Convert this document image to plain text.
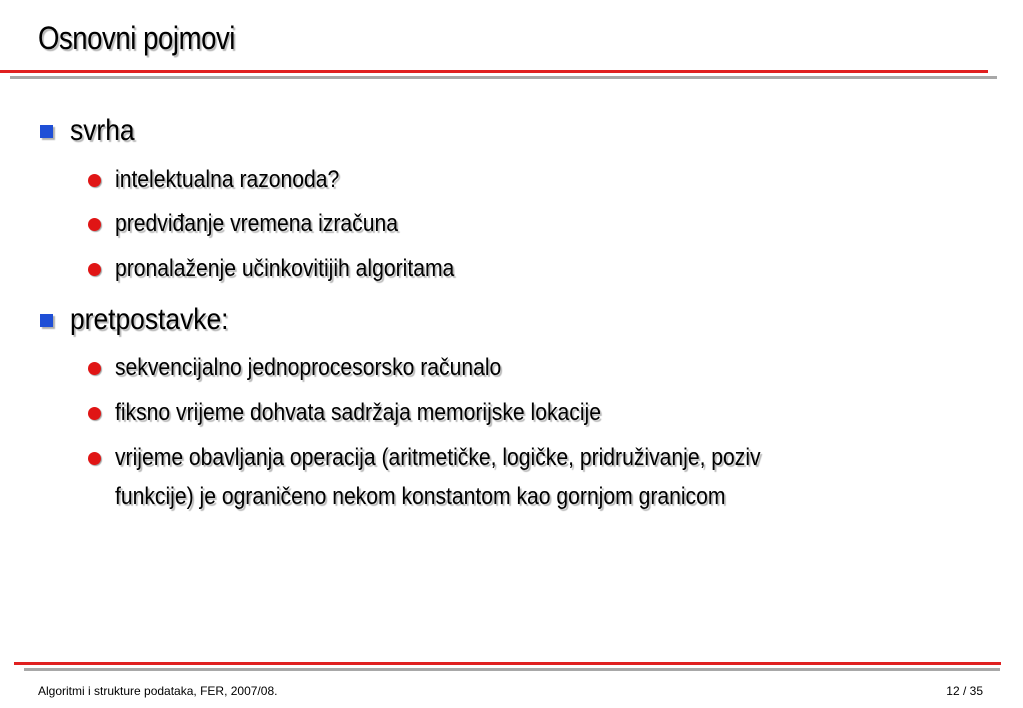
Osnovni pojmovi
svrha
intelektualna razonoda?
predviđanje vremena izračuna
pronalaženje učinkovitijih algoritama
pretpostavke:
sekvencijalno jednoprocesorsko računalo
fiksno vrijeme dohvata sadržaja memorijske lokacije
vrijeme obavljanja operacija (aritmetičke, logičke, pridruživanje, poziv
funkcije) je ograničeno nekom konstantom kao gornjom granicom
Algoritmi i strukture podataka, FER, 2007/08.	12 / 35
